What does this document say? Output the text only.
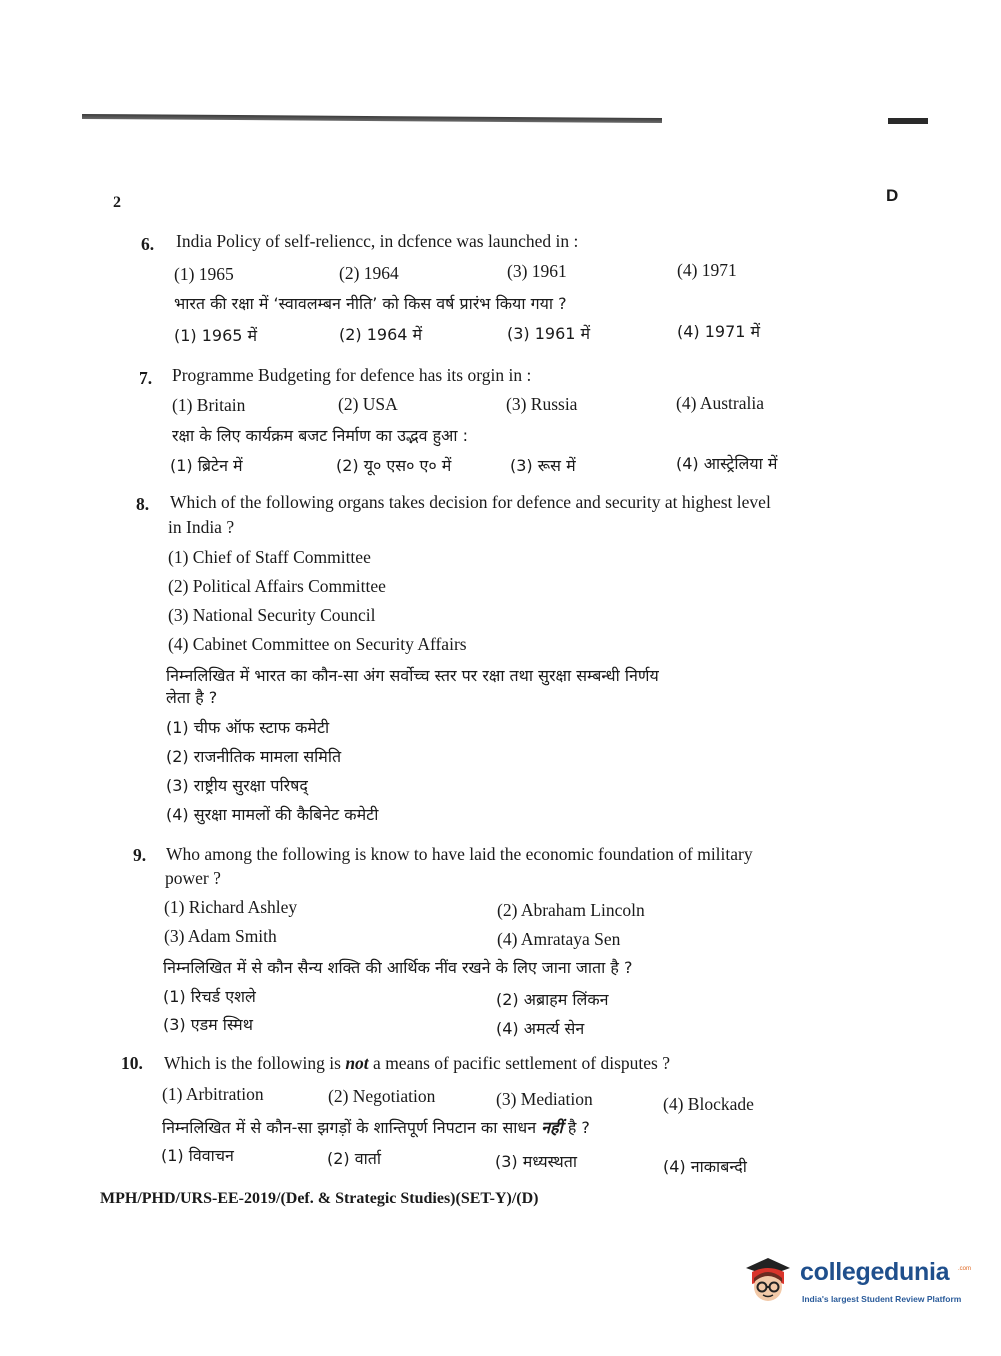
2	D
6. India Policy of self-reliencc, in dcfence was launched in :
(1) 1965	(2) 1964	(3) 1961	(4) 1971
भारत की रक्षा में ‘स्वावलम्बन नीति’ को किस वर्ष प्रारंभ किया गया ?
(1) 1965 में	(2) 1964 में	(3) 1961 में	(4) 1971 में
7. Programme Budgeting for defence has its orgin in :
(1) Britain	(2) USA	(3) Russia	(4) Australia
रक्षा के लिए कार्यक्रम बजट निर्माण का उद्भव हुआ :
(1) ब्रिटेन में	(2) यू० एस० ए० में	(3) रूस में	(4) आस्ट्रेलिया में
8. Which of the following organs takes decision for defence and security at highest level
in India ?
(1) Chief of Staff Committee
(2) Political Affairs Committee
(3) National Security Council
(4) Cabinet Committee on Security Affairs
निम्नलिखित में भारत का कौन-सा अंग सर्वोच्च स्तर पर रक्षा तथा सुरक्षा सम्बन्धी निर्णय
लेता है ?
(1) चीफ ऑफ स्टाफ कमेटी
(2) राजनीतिक मामला समिति
(3) राष्ट्रीय सुरक्षा परिषद्
(4) सुरक्षा मामलों की कैबिनेट कमेटी
9. Who among the following is know to have laid the economic foundation of military
power ?
(1) Richard Ashley	(2) Abraham Lincoln
(3) Adam Smith	(4) Amrataya Sen
निम्नलिखित में से कौन सैन्य शक्ति की आर्थिक नींव रखने के लिए जाना जाता है ?
(1) रिचर्ड एशले	(2) अब्राहम लिंकन
(3) एडम स्मिथ	(4) अमर्त्य सेन
10. Which is the following is not a means of pacific settlement of disputes ?
(1) Arbitration	(2) Negotiation	(3) Mediation	(4) Blockade
निम्नलिखित में से कौन-सा झगड़ों के शान्तिपूर्ण निपटान का साधन नहीं है ?
(1) विवाचन	(2) वार्ता	(3) मध्यस्थता	(4) नाकाबन्दी
MPH/PHD/URS-EE-2019/(Def. & Strategic Studies)(SET-Y)/(D)
collegedunia .com
India's largest Student Review Platform
